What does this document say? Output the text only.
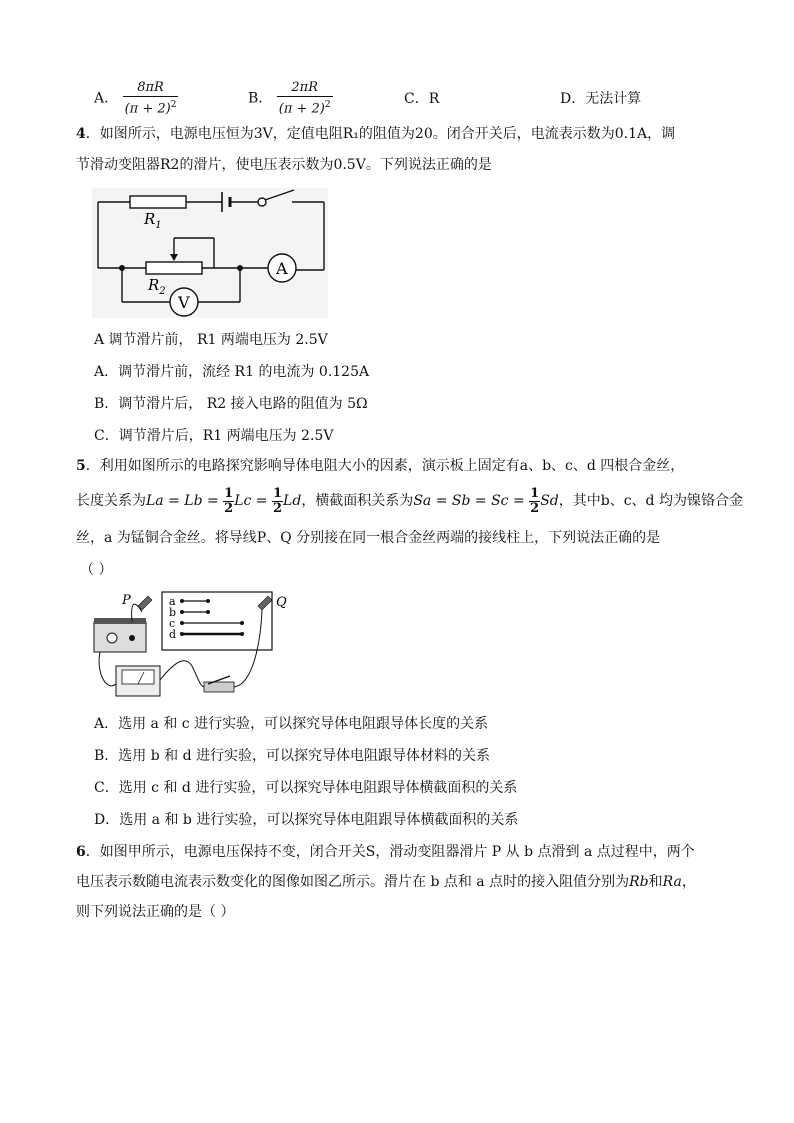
A． $\frac{8\pi R}{(\pi + 2)^2}$	B． $\frac{2\pi R}{(\pi + 2)^2}$	C．R	D．无法计算
4．如图所示，电源电压恒为3V，定值电阻R₁的阻值为20。闭合开关后，电流表示数为0.1A，调
节滑动变阻器R2的滑片，使电压表示数为0.5V。下列说法正确的是
$R_1$
$R_2$
A
V
A 调节滑片前， R1 两端电压为 2.5V
A．调节滑片前，流经 R1 的电流为 0.125A
B．调节滑片后， R2 接入电路的阻值为 5Ω
C．调节滑片后，R1 两端电压为 2.5V
5．利用如图所示的电路探究影响导体电阻大小的因素，演示板上固定有a、b、c、d 四根合金丝，
长度关系为$La = Lb = \frac{1}{2}$ $Lc = \frac{1}{2}$ Ld，横截面积关系为$Sa = Sb = Sc = \frac{1}{2}$ Sd，其中b、c、d 均为镍铬合金
丝，a 为锰铜合金丝。将导线P、Q 分别接在同一根合金丝两端的接线柱上，下列说法正确的是
（ ）
a
b
c
d
P	Q
A．选用 a 和 c 进行实验，可以探究导体电阻跟导体长度的关系
B．选用 b 和 d 进行实验，可以探究导体电阻跟导体材料的关系
C．选用 c 和 d 进行实验，可以探究导体电阻跟导体横截面积的关系
D．选用 a 和 b 进行实验，可以探究导体电阻跟导体横截面积的关系
6．如图甲所示，电源电压保持不变，闭合开关S，滑动变阻器滑片 P 从 b 点滑到 a 点过程中，两个
电压表示数随电流表示数变化的图像如图乙所示。滑片在 b 点和 a 点时的接入阻值分别为Rb和Ra，
则下列说法正确的是（ ）
